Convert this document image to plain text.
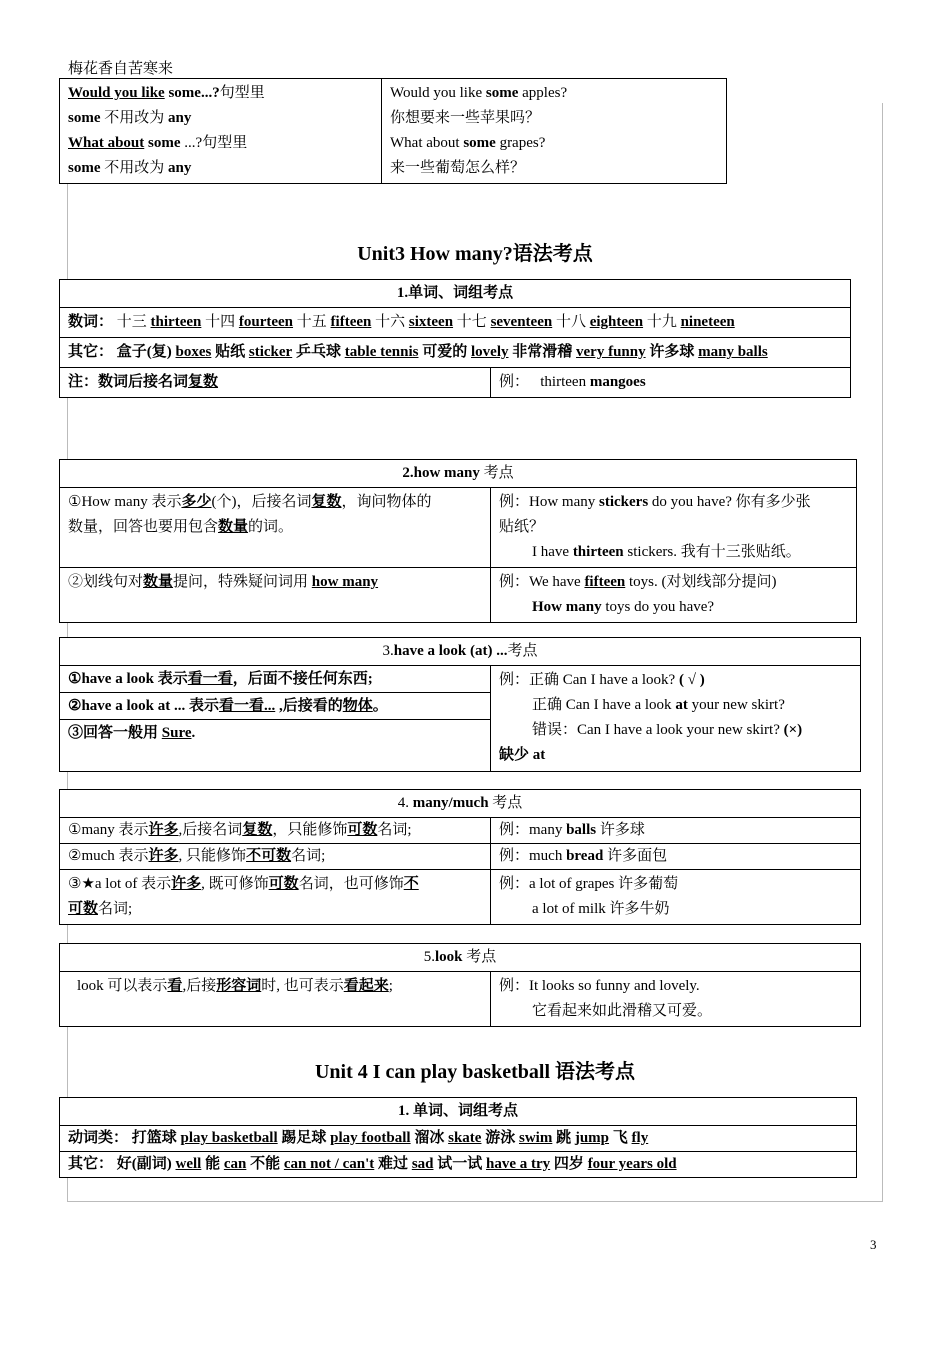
梅花香自苦寒来
Would you like some...?句型里
some 不用改为 any
What about some ...?句型里
some 不用改为 any

Would you like some apples?
你想要来一些苹果吗？
What about some grapes?
来一些葡萄怎么样？
Unit3 How many?语法考点
1.单词、词组考点

数词： 十三 thirteen 十四 fourteen 十五 fifteen 十六 sixteen 十七 seventeen 十八 eighteen 十九 nineteen

其它： 盒子(复) boxes 贴纸 sticker 乒乓球 table tennis 可爱的 lovely 非常滑稽 very funny 许多球 many balls

注：数词后接名词复数	例： thirteen mangoes
2.how many 考点	

①How many 表示多少(个)，后接名词复数，询问物体的
数量，回答也要用包含数量的词。	例：How many stickers do you have? 你有多少张
贴纸？
I have thirteen stickers. 我有十三张贴纸。

②划线句对数量提问，特殊疑问词用 how many	例：We have fifteen toys. (对划线部分提问)
How many toys do you have?
3.have a look (at) ...考点

①have a look 表示看一看，后面不接任何东西;
②have a look at ... 表示看一看... ,后接看的物体。
③回答一般用 Sure.

例：正确 Can I have a look? ( √ )
正确 Can I have a look at your new skirt?
错误：Can I have a look your new skirt? (×)
缺少 at
4. many/much 考点	
①many 表示许多,后接名词复数，只能修饰可数名词;	例：many balls 许多球
②much 表示许多, 只能修饰不可数名词;	例：much bread 许多面包

③★a lot of 表示许多, 既可修饰可数名词，也可修饰不
可数名词;	例：a lot of grapes 许多葡萄
a lot of milk 许多牛奶
5.look 考点
look 可以表示看,后接形容词时, 也可表示看起来;	例：It looks so funny and lovely.
它看起来如此滑稽又可爱。
Unit 4 I can play basketball 语法考点
1. 单词、词组考点

动词类： 打篮球 play basketball 踢足球 play football 溜冰 skate 游泳 swim 跳 jump 飞 fly

其它： 好(副词) well 能 can 不能 can not / can't 难过 sad 试一试 have a try 四岁 four years old
3
